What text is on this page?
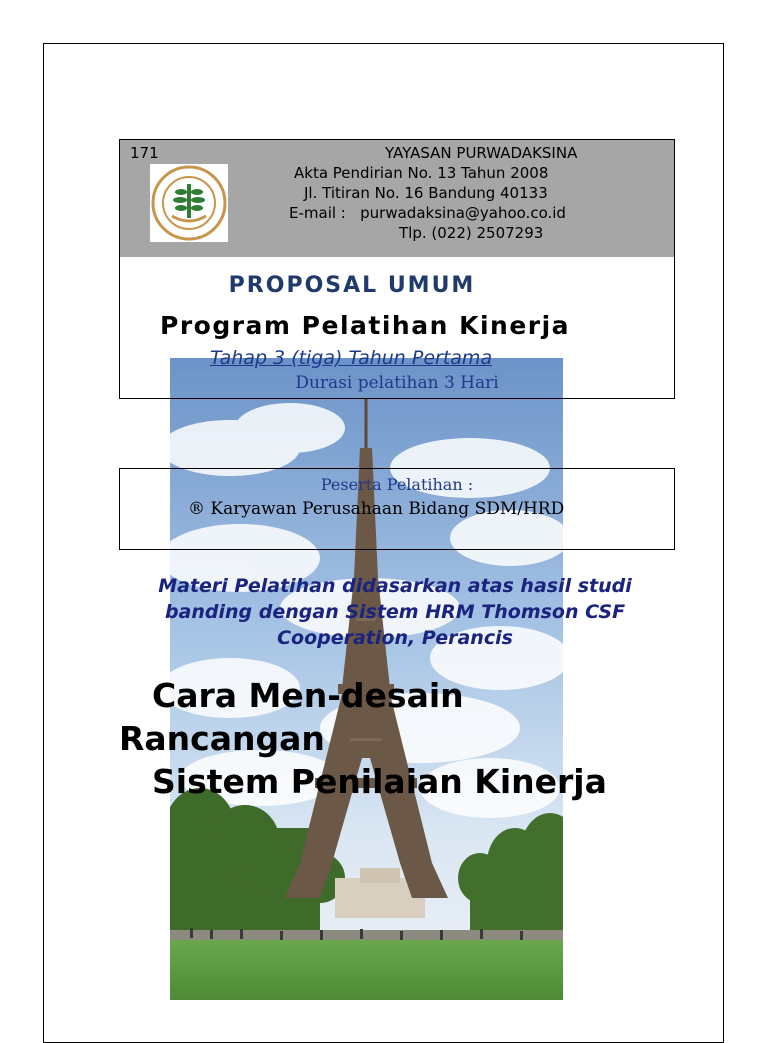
171	YAYASAN PURWADAKSINA
Akta Pendirian No. 13 Tahun 2008
Jl. Titiran No. 16 Bandung 40133
E-mail :   purwadaksina@yahoo.co.id
Tlp. (022) 2507293
PROPOSAL UMUM
Program Pelatihan Kinerja
Tahap 3 (tiga) Tahun Pertama
Durasi pelatihan 3 Hari
Peserta Pelatihan :
® Karyawan Perusahaan Bidang SDM/HRD
Materi Pelatihan didasarkan atas hasil studi
banding dengan Sistem HRM Thomson CSF
Cooperation, Perancis
Cara Men-desain
Rancangan
Sistem Penilaian Kinerja
